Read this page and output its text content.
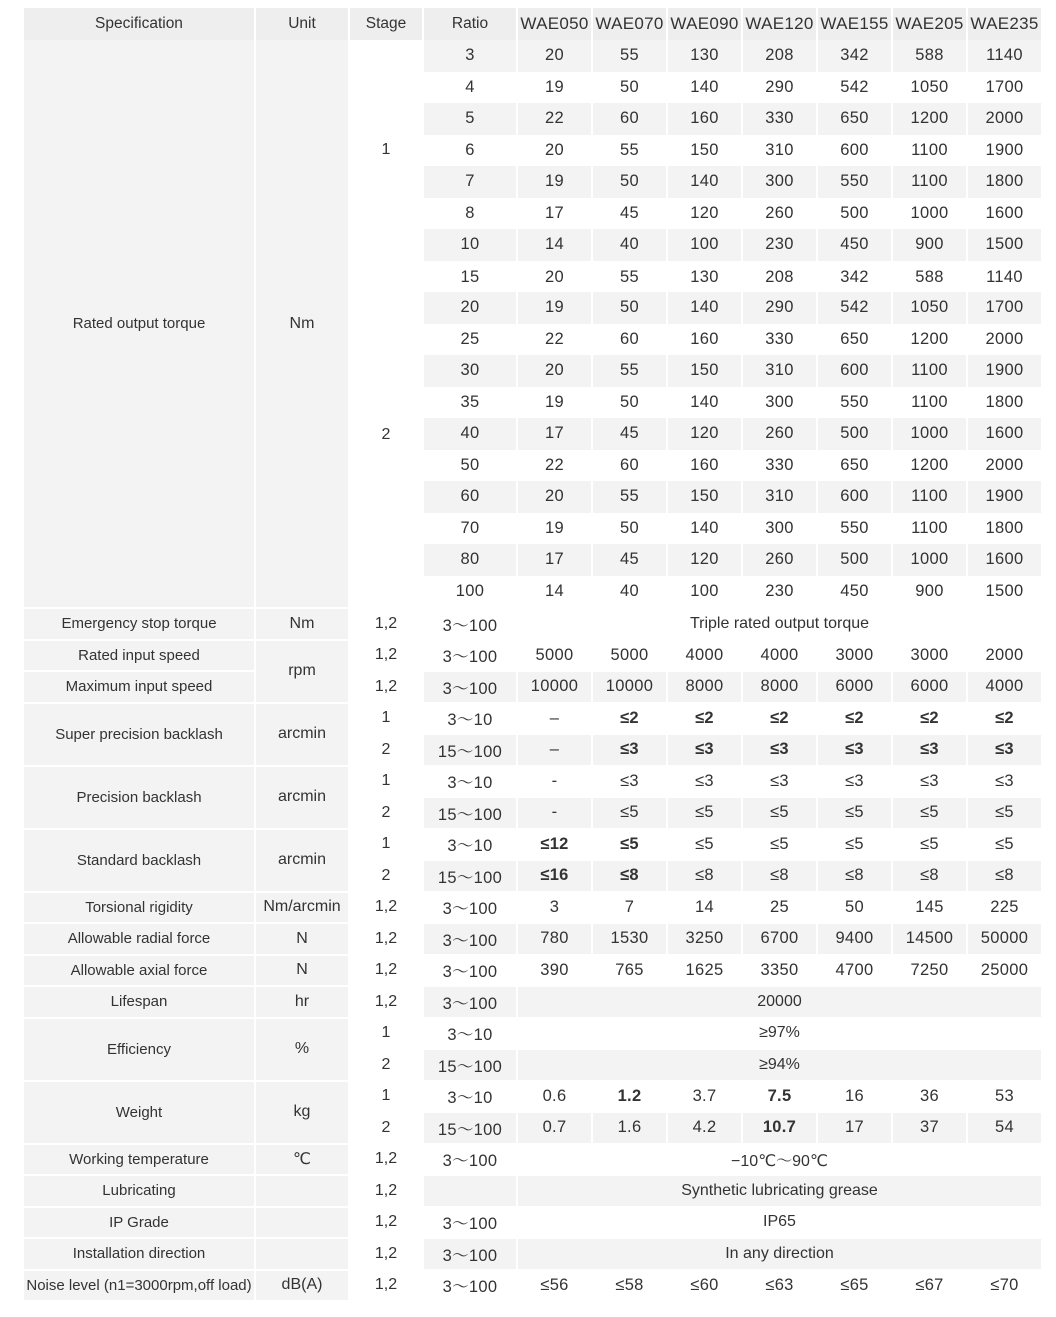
Specification	Unit	Stage	Ratio	WAE050	WAE070	WAE090	WAE120	WAE155	WAE205	WAE235
Rated output torque	Nm	1	3	20	55	130	208	342	588	1140
			4	19	50	140	290	542	1050	1700
			5	22	60	160	330	650	1200	2000
			6	20	55	150	310	600	1100	1900
			7	19	50	140	300	550	1100	1800
			8	17	45	120	260	500	1000	1600
			10	14	40	100	230	450	900	1500
		2	15	20	55	130	208	342	588	1140
			20	19	50	140	290	542	1050	1700
			25	22	60	160	330	650	1200	2000
			30	20	55	150	310	600	1100	1900
			35	19	50	140	300	550	1100	1800
			40	17	45	120	260	500	1000	1600
			50	22	60	160	330	650	1200	2000
			60	20	55	150	310	600	1100	1900
			70	19	50	140	300	550	1100	1800
			80	17	45	120	260	500	1000	1600
			100	14	40	100	230	450	900	1500
Emergency stop torque	Nm	1,2	3～100	Triple rated output torque						
Rated input speed	rpm	1,2	3～100	5000	5000	4000	4000	3000	3000	2000
Maximum input speed		1,2	3～100	10000	10000	8000	8000	6000	6000	4000
Super precision backlash	arcmin	1	3～10	–	≤2	≤2	≤2	≤2	≤2	≤2
		2	15～100	–	≤3	≤3	≤3	≤3	≤3	≤3
Precision backlash	arcmin	1	3～10	-	≤3	≤3	≤3	≤3	≤3	≤3
		2	15～100	-	≤5	≤5	≤5	≤5	≤5	≤5
Standard backlash	arcmin	1	3～10	≤12	≤5	≤5	≤5	≤5	≤5	≤5
		2	15～100	≤16	≤8	≤8	≤8	≤8	≤8	≤8
Torsional rigidity	Nm/arcmin	1,2	3～100	3	7	14	25	50	145	225
Allowable radial force	N	1,2	3～100	780	1530	3250	6700	9400	14500	50000
Allowable axial force	N	1,2	3～100	390	765	1625	3350	4700	7250	25000
Lifespan	hr	1,2	3～100	20000						
Efficiency	%	1	3～10	≥97%						
		2	15～100	≥94%						
Weight	kg	1	3～10	0.6	1.2	3.7	7.5	16	36	53
		2	15～100	0.7	1.6	4.2	10.7	17	37	54
Working temperature	℃	1,2	3～100	−10℃～90℃						
Lubricating		1,2		Synthetic lubricating grease						
IP Grade		1,2	3～100	IP65						
Installation direction		1,2	3～100	In any direction						
Noise level (n1=3000rpm,off load)	dB(A)	1,2	3～100	≤56	≤58	≤60	≤63	≤65	≤67	≤70
